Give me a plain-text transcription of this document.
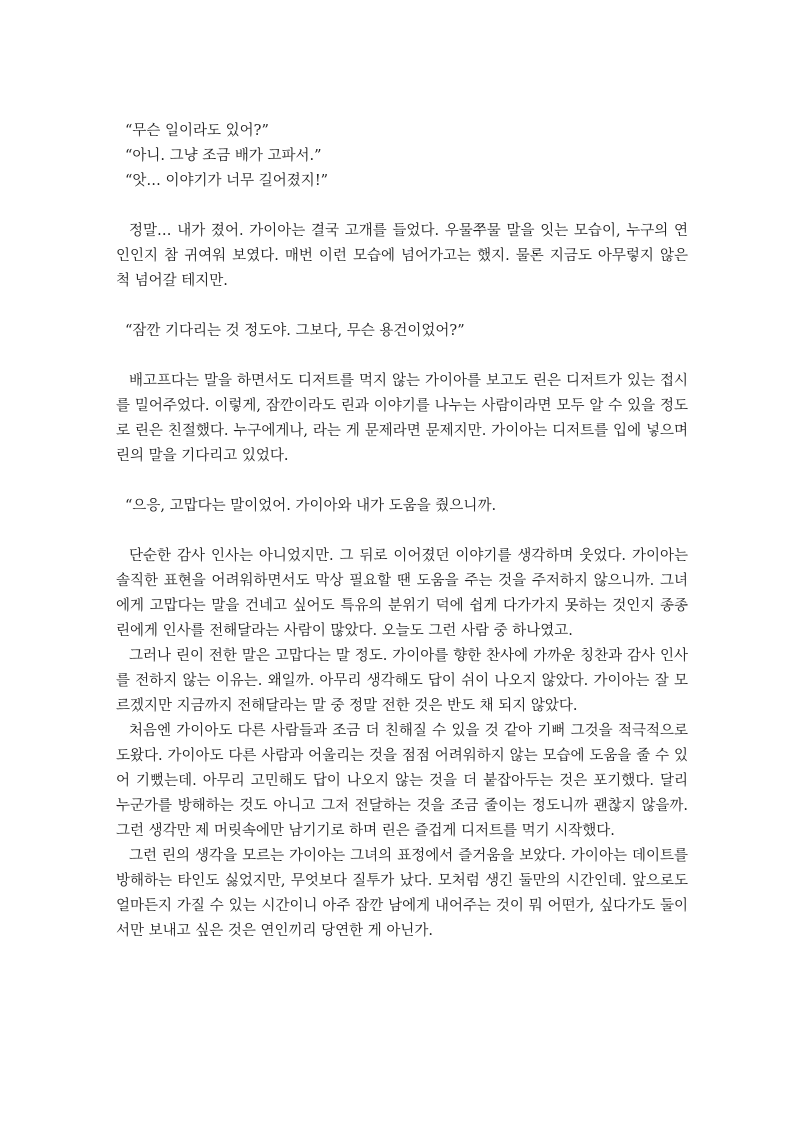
“무슨 일이라도 있어?”
“아니. 그냥 조금 배가 고파서.”
“앗… 이야기가 너무 길어졌지!”

정말… 내가 졌어. 가이아는 결국 고개를 들었다. 우물쭈물 말을 잇는 모습이, 누구의 연인인지 참 귀여워 보였다. 매번 이런 모습에 넘어가고는 했지. 물론 지금도 아무렇지 않은 척 넘어갈 테지만.

“잠깐 기다리는 것 정도야. 그보다, 무슨 용건이었어?”

배고프다는 말을 하면서도 디저트를 먹지 않는 가이아를 보고도 린은 디저트가 있는 접시를 밀어주었다. 이렇게, 잠깐이라도 린과 이야기를 나누는 사람이라면 모두 알 수 있을 정도로 린은 친절했다. 누구에게나, 라는 게 문제라면 문제지만. 가이아는 디저트를 입에 넣으며 린의 말을 기다리고 있었다.

“으응, 고맙다는 말이었어. 가이아와 내가 도움을 줬으니까.

단순한 감사 인사는 아니었지만. 그 뒤로 이어졌던 이야기를 생각하며 웃었다. 가이아는 솔직한 표현을 어려워하면서도 막상 필요할 땐 도움을 주는 것을 주저하지 않으니까. 그녀에게 고맙다는 말을 건네고 싶어도 특유의 분위기 덕에 쉽게 다가가지 못하는 것인지 종종 린에게 인사를 전해달라는 사람이 많았다. 오늘도 그런 사람 중 하나였고.

그러나 린이 전한 말은 고맙다는 말 정도. 가이아를 향한 찬사에 가까운 칭찬과 감사 인사를 전하지 않는 이유는. 왜일까. 아무리 생각해도 답이 쉬이 나오지 않았다. 가이아는 잘 모르겠지만 지금까지 전해달라는 말 중 정말 전한 것은 반도 채 되지 않았다.

처음엔 가이아도 다른 사람들과 조금 더 친해질 수 있을 것 같아 기뻐 그것을 적극적으로 도왔다. 가이아도 다른 사람과 어울리는 것을 점점 어려워하지 않는 모습에 도움을 줄 수 있어 기뻤는데. 아무리 고민해도 답이 나오지 않는 것을 더 붙잡아두는 것은 포기했다. 달리 누군가를 방해하는 것도 아니고 그저 전달하는 것을 조금 줄이는 정도니까 괜찮지 않을까. 그런 생각만 제 머릿속에만 남기기로 하며 린은 즐겁게 디저트를 먹기 시작했다.

그런 린의 생각을 모르는 가이아는 그녀의 표정에서 즐거움을 보았다. 가이아는 데이트를 방해하는 타인도 싫었지만, 무엇보다 질투가 났다. 모처럼 생긴 둘만의 시간인데. 앞으로도 얼마든지 가질 수 있는 시간이니 아주 잠깐 남에게 내어주는 것이 뭐 어떤가, 싶다가도 둘이서만 보내고 싶은 것은 연인끼리 당연한 게 아닌가.
